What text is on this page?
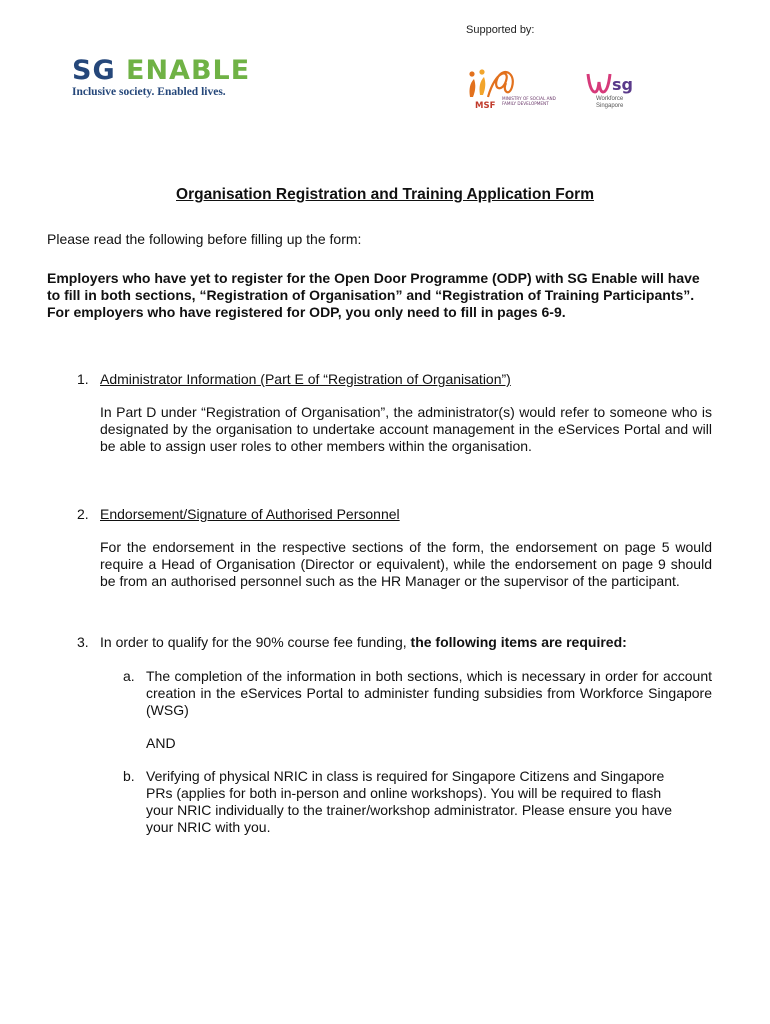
Supported by:
SG ENABLE
Inclusive society. Enabled lives.
MSF
MINISTRY OF SOCIAL AND FAMILY DEVELOPMENT
sg
Workforce Singapore
Organisation Registration and Training Application Form
Please read the following before filling up the form:
Employers who have yet to register for the Open Door Programme (ODP) with SG Enable will have to fill in both sections, “Registration of Organisation” and “Registration of Training Participants”. For employers who have registered for ODP, you only need to fill in pages 6-9.
1. Administrator Information (Part E of “Registration of Organisation”)
In Part D under “Registration of Organisation”, the administrator(s) would refer to someone who is designated by the organisation to undertake account management in the eServices Portal and will be able to assign user roles to other members within the organisation.
2. Endorsement/Signature of Authorised Personnel
For the endorsement in the respective sections of the form, the endorsement on page 5 would require a Head of Organisation (Director or equivalent), while the endorsement on page 9 should be from an authorised personnel such as the HR Manager or the supervisor of the participant.
3. In order to qualify for the 90% course fee funding, the following items are required:
a. The completion of the information in both sections, which is necessary in order for account creation in the eServices Portal to administer funding subsidies from Workforce Singapore (WSG)
AND
b. Verifying of physical NRIC in class is required for Singapore Citizens and Singapore PRs (applies for both in-person and online workshops). You will be required to flash your NRIC individually to the trainer/workshop administrator. Please ensure you have your NRIC with you.
